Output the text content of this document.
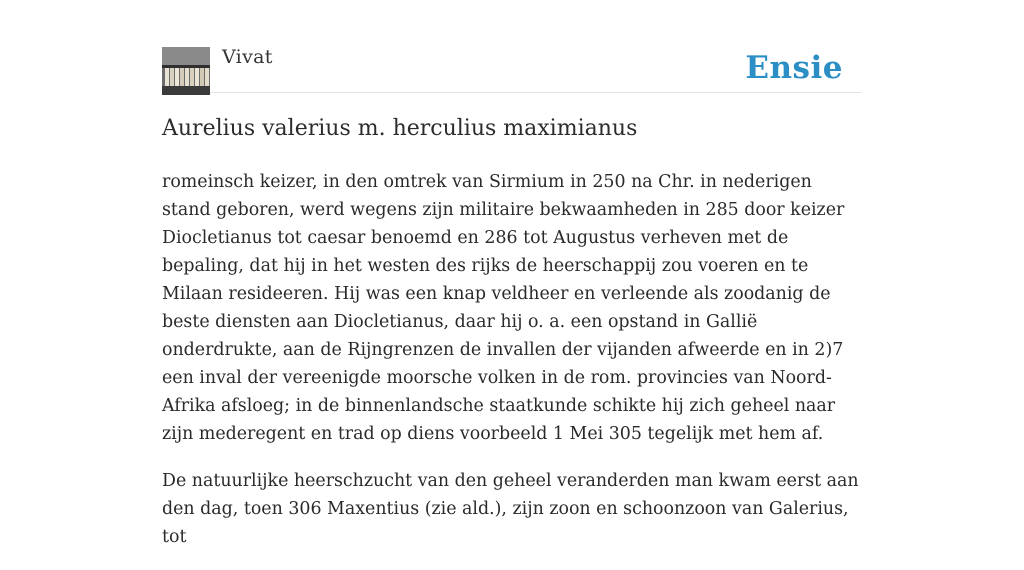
Vivat	Ensie
Aurelius valerius m. herculius maximianus

romeinsch keizer, in den omtrek van Sirmium in 250 na Chr. in nederigen stand geboren, werd wegens zijn militaire bekwaamheden in 285 door keizer Diocletianus tot caesar benoemd en 286 tot Augustus verheven met de bepaling, dat hij in het westen des rijks de heerschappij zou voeren en te Milaan resideeren. Hij was een knap veldheer en verleende als zoodanig de beste diensten aan Diocletianus, daar hij o. a. een opstand in Gallië onderdrukte, aan de Rijngrenzen de invallen der vijanden afweerde en in 2)7 een inval der vereenigde moorsche volken in de rom. provincies van Noord-Afrika afsloeg; in de binnenlandsche staatkunde schikte hij zich geheel naar zijn mederegent en trad op diens voorbeeld 1 Mei 305 tegelijk met hem af.

De natuurlijke heerschzucht van den geheel veranderden man kwam eerst aan den dag, toen 306 Maxentius (zie ald.), zijn zoon en schoonzoon van Galerius, tot
